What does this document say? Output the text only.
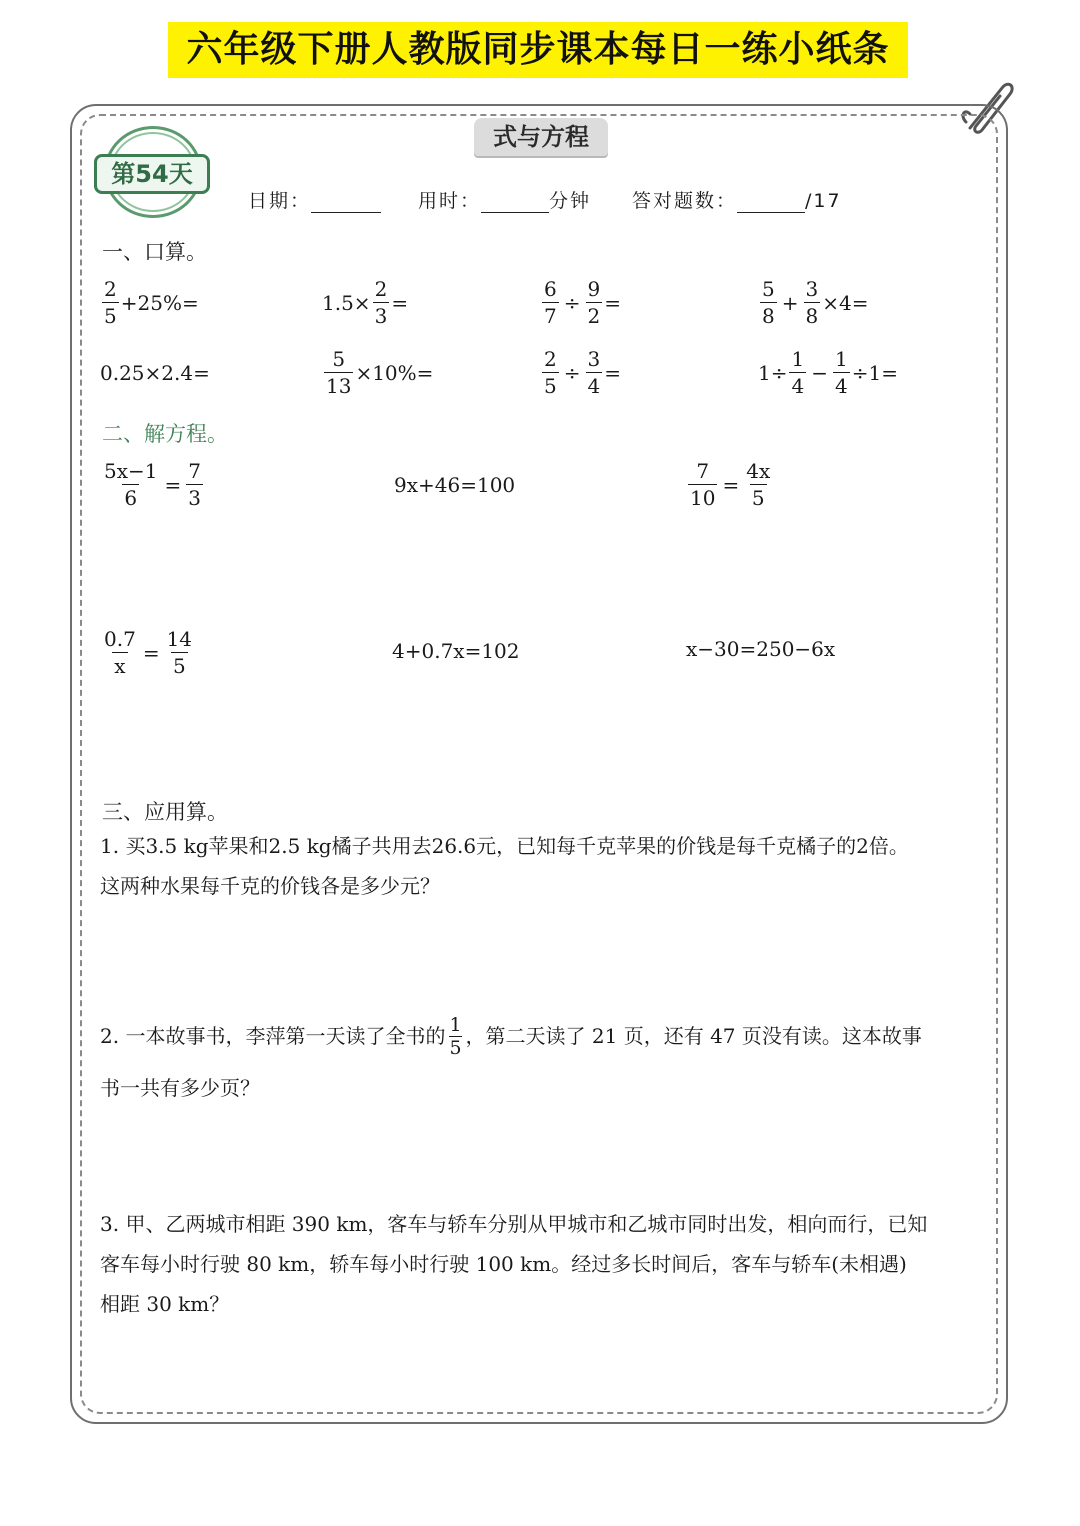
六年级下册人教版同步课本每日一练小纸条
式与方程
第54天
日期：	用时：	分钟 答对题数：	/17
一、口算。
$\frac{2}{5} +25\%=$	$1.5\times \frac{2}{3}$ =	$\frac{6}{7} \div \frac{9}{2}$ =	$\frac{5}{8} + \frac{3}{8} \times 4=$
0.25×2.4=	$\frac{5}{13} \times 10\%=$	$\frac{2}{5} \div \frac{3}{4}$ =	$1\div \frac{1}{4} - \frac{1}{4} \div 1=$
二、解方程。
$\frac{5x-1}{6} = \frac{7}{3}$	9x+46=100	$\frac{7}{10} = \frac{4x}{5}$
$\frac{0.7}{x} = \frac{14}{5}$	4+0.7x=102	x−30=250−6x
三、应用算。
1. 买3.5 kg苹果和2.5 kg橘子共用去26.6元，已知每千克苹果的价钱是每千克橘子的2倍。
这两种水果每千克的价钱各是多少元？
2. 一本故事书，李萍第一天读了全书的 $\frac{1}{5}$ ，第二天读了 21 页，还有 47 页没有读。这本故事
书一共有多少页？
3. 甲、乙两城市相距 390 km，客车与轿车分别从甲城市和乙城市同时出发，相向而行，已知
客车每小时行驶 80 km，轿车每小时行驶 100 km。经过多长时间后，客车与轿车(未相遇)
相距 30 km？
